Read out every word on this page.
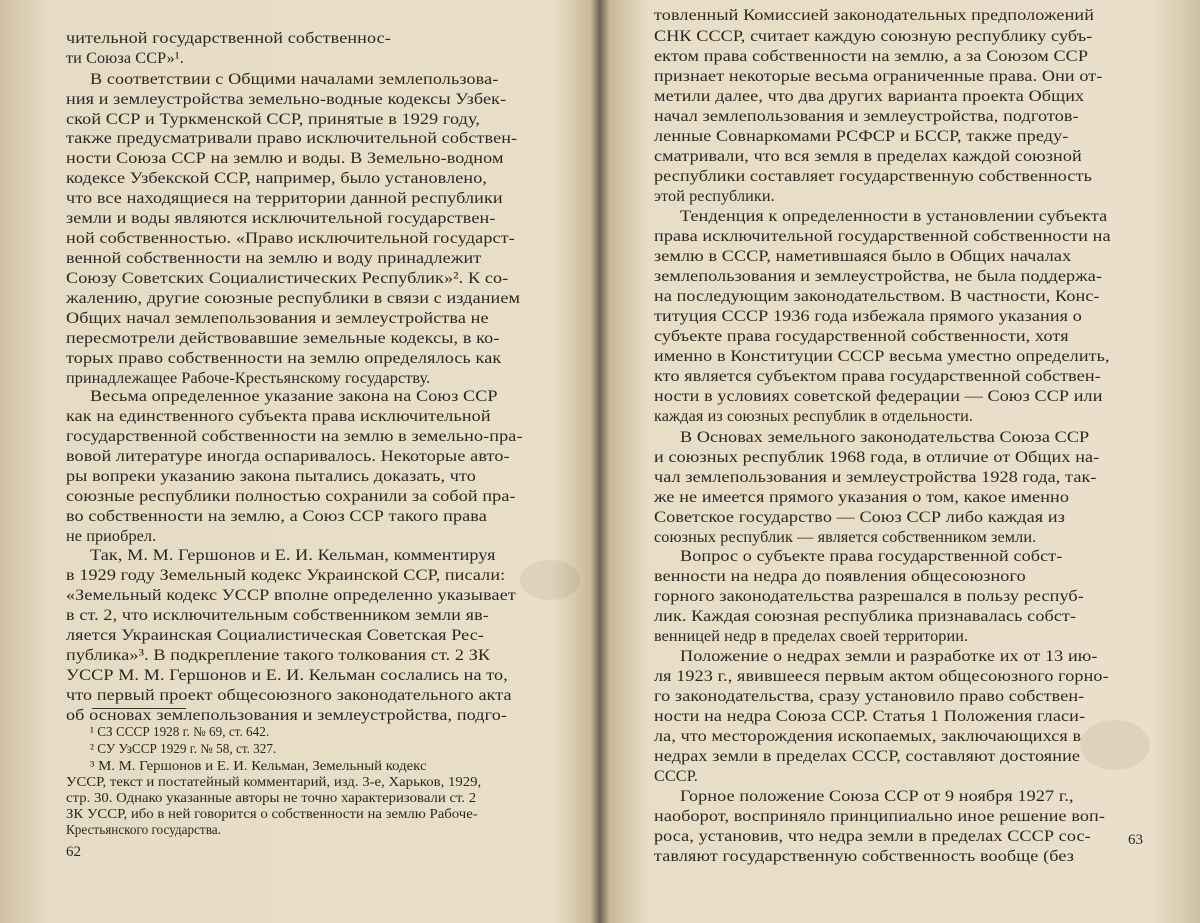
62
чительной государственной собственнос-
ти Союза ССР»¹.
В соответствии с Общими началами землепользова-
ния и землеустройства земельно-водные кодексы Узбек-
ской ССР и Туркменской ССР, принятые в 1929 году,
также предусматривали право исключительной собствен-
ности Союза ССР на землю и воды. В Земельно-водном
кодексе Узбекской ССР, например, было установлено,
что все находящиеся на территории данной республики
земли и воды являются исключительной государствен-
ной собственностью. «Право исключительной государст-
венной собственности на землю и воду принадлежит
Союзу Советских Социалистических Республик»². К со-
жалению, другие союзные республики в связи с изданием
Общих начал землепользования и землеустройства не
пересмотрели действовавшие земельные кодексы, в ко-
торых право собственности на землю определялось как
принадлежащее Рабоче-Крестьянскому государству.
Весьма определенное указание закона на Союз ССР
как на единственного субъекта права исключительной
государственной собственности на землю в земельно-пра-
вовой литературе иногда оспаривалось. Некоторые авто-
ры вопреки указанию закона пытались доказать, что
союзные республики полностью сохранили за собой пра-
во собственности на землю, а Союз ССР такого права
не приобрел.
Так, М. М. Гершонов и Е. И. Кельман, комментируя
в 1929 году Земельный кодекс Украинской ССР, писали:
«Земельный кодекс УССР вполне определенно указывает
в ст. 2, что исключительным собственником земли яв-
ляется Украинская Социалистическая Советская Рес-
публика»³. В подкрепление такого толкования ст. 2 ЗК
УССР М. М. Гершонов и Е. И. Кельман сослались на то,
что первый проект общесоюзного законодательного акта
об основах землепользования и землеустройства, подго-
¹ СЗ СССР 1928 г. № 69, ст. 642.
² СУ УзССР 1929 г. № 58, ст. 327.
³ М. М. Гершонов и Е. И. Кельман, Земельный кодекс
УССР, текст и постатейный комментарий, изд. 3-е, Харьков, 1929,
стр. 30. Однако указанные авторы не точно характеризовали ст. 2
ЗК УССР, ибо в ней говорится о собственности на землю Рабоче-
Крестьянского государства.
63
товленный Комиссией законодательных предположений
СНК СССР, считает каждую союзную республику субъ-
ектом права собственности на землю, а за Союзом ССР
признает некоторые весьма ограниченные права. Они от-
метили далее, что два других варианта проекта Общих
начал землепользования и землеустройства, подготов-
ленные Совнаркомами РСФСР и БССР, также преду-
сматривали, что вся земля в пределах каждой союзной
республики составляет государственную собственность
этой республики.
Тенденция к определенности в установлении субъекта
права исключительной государственной собственности на
землю в СССР, наметившаяся было в Общих началах
землепользования и землеустройства, не была поддержа-
на последующим законодательством. В частности, Конс-
титуция СССР 1936 года избежала прямого указания о
субъекте права государственной собственности, хотя
именно в Конституции СССР весьма уместно определить,
кто является субъектом права государственной собствен-
ности в условиях советской федерации — Союз ССР или
каждая из союзных республик в отдельности.
В Основах земельного законодательства Союза ССР
и союзных республик 1968 года, в отличие от Общих на-
чал землепользования и землеустройства 1928 года, так-
же не имеется прямого указания о том, какое именно
Советское государство — Союз ССР либо каждая из
союзных республик — является собственником земли.
Вопрос о субъекте права государственной собст-
венности на недра до появления общесоюзного
горного законодательства разрешался в пользу респуб-
лик. Каждая союзная республика признавалась собст-
венницей недр в пределах своей территории.
Положение о недрах земли и разработке их от 13 ию-
ля 1923 г., явившееся первым актом общесоюзного горно-
го законодательства, сразу установило право собствен-
ности на недра Союза ССР. Статья 1 Положения гласи-
ла, что месторождения ископаемых, заключающихся в
недрах земли в пределах СССР, составляют достояние
СССР.
Горное положение Союза ССР от 9 ноября 1927 г.,
наоборот, восприняло принципиально иное решение воп-
роса, установив, что недра земли в пределах СССР сос-
тавляют государственную собственность вообще (без
